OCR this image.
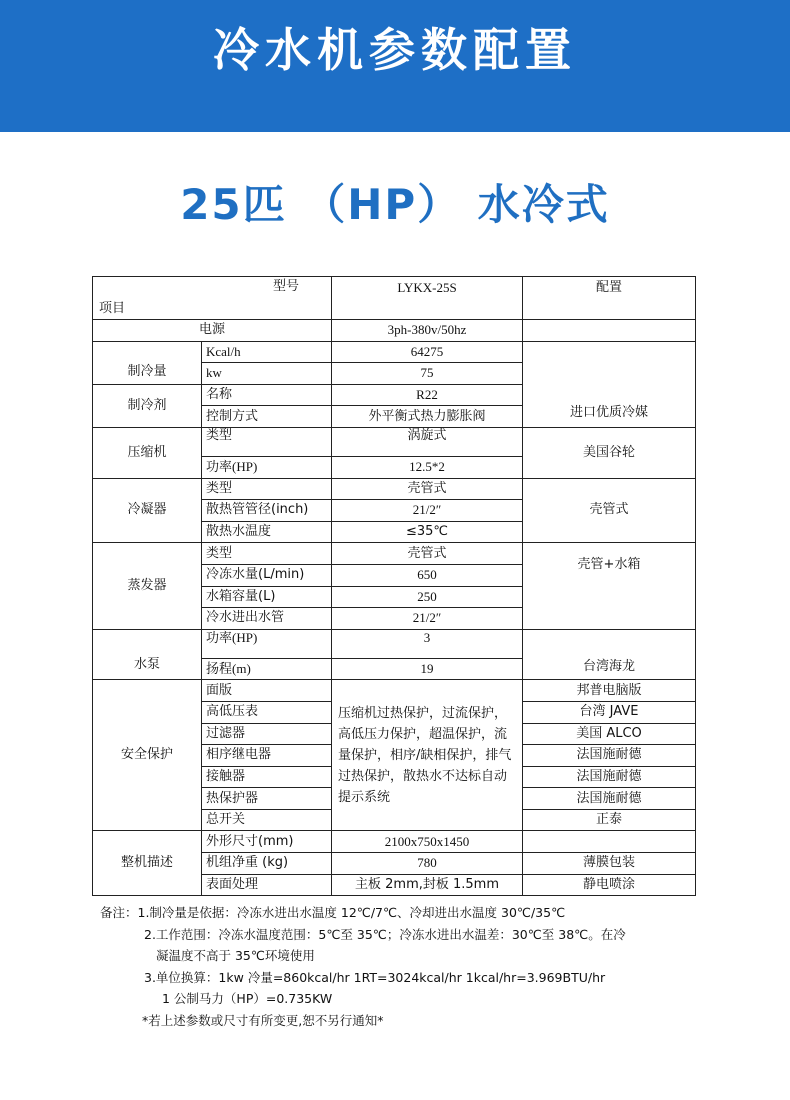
冷水机参数配置
25匹 （HP） 水冷式
型号
项目		LYKX-25S	配置
电源		3ph-380v/50hz	
制冷量	Kcal/h	64275	进口优质冷媒
	kw	75	
制冷剂	名称	R22	
	控制方式	外平衡式热力膨胀阀	
压缩机	类型	涡旋式	美国谷轮
	功率(HP)	12.5*2	
冷凝器	类型	壳管式	壳管式
	散热管管径(inch)	21/2″	
	散热水温度	≤35℃	
蒸发器	类型	壳管式	壳管+水箱
	冷冻水量(L/min)	650	
	水箱容量(L)	250	
	冷水进出水管	21/2″	
水泵	功率(HP)	3	台湾海龙
	扬程(m)	19	
安全保护	面版	压缩机过热保护，过流保护，高低压力保护，超温保护，流量保护，相序/缺相保护，排气过热保护，散热水不达标自动提示系统	邦普电脑版
	高低压表		台湾 JAVE
	过滤器		美国 ALCO
	相序继电器		法国施耐德
	接触器		法国施耐德
	热保护器		法国施耐德
	总开关		正泰
整机描述	外形尺寸(mm)	2100x750x1450	
	机组净重 (kg)	780	薄膜包装
	表面处理	主板 2mm,封板 1.5mm	静电喷涂
备注：1.制冷量是依据：冷冻水进出水温度 12℃/7℃、冷却进出水温度 30℃/35℃
2.工作范围：冷冻水温度范围：5℃至 35℃；冷冻水进出水温差：30℃至 38℃。在冷
凝温度不高于 35℃环境使用
3.单位换算：1kw 冷量=860kcal/hr 1RT=3024kcal/hr 1kcal/hr=3.969BTU/hr
1 公制马力（HP）=0.735KW
*若上述参数或尺寸有所变更,恕不另行通知*
